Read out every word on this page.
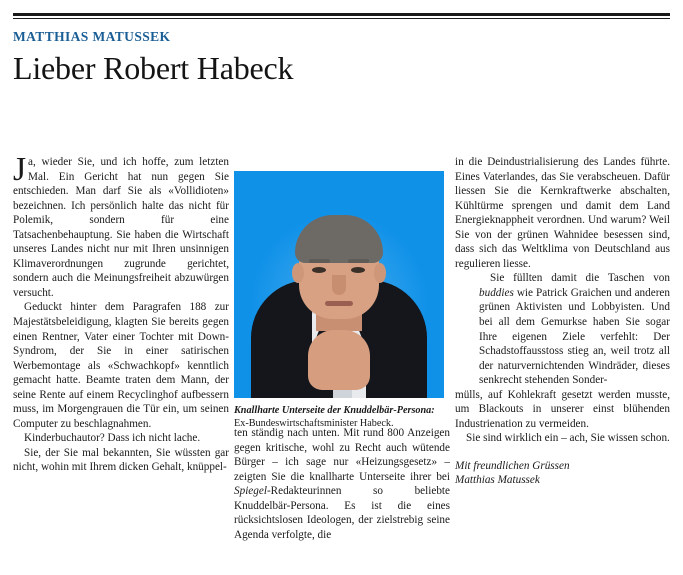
MATTHIAS MATUSSEK
Lieber Robert Habeck

Ja, wieder Sie, und ich hoffe, zum letzten Mal. Ein Gericht hat nun gegen Sie entschieden. Man darf Sie als «Vollidioten» bezeichnen. Ich persönlich halte das nicht für Polemik, sondern für eine Tatsachenbehauptung. Sie haben die Wirtschaft unseres Landes nicht nur mit Ihren unsinnigen Klimaverordnungen zugrunde gerichtet, sondern auch die Meinungsfreiheit abzuwürgen versucht.

Geduckt hinter dem Paragrafen 188 zur Majestätsbeleidigung, klagten Sie bereits gegen einen Rentner, Vater einer Tochter mit Down-Syndrom, der Sie in einer satirischen Werbemontage als «Schwachkopf» kenntlich gemacht hatte. Beamte traten dem Mann, der seine Rente auf einem Recyclinghof aufbessern muss, im Morgengrauen die Tür ein, um seinen Computer zu beschlagnahmen.

Kinderbuchautor? Dass ich nicht lache.

Sie, der Sie mal bekannten, Sie wüssten gar nicht, wohin mit Ihrem dicken Gehalt, knüppel-

Knallharte Unterseite der Knuddelbär-Persona: Ex-Bundeswirtschaftsminister Habeck.

ten ständig nach unten. Mit rund 800 Anzeigen gegen kritische, wohl zu Recht auch wütende Bürger – ich sage nur «Heizungsgesetz» – zeigten Sie die knallharte Unterseite ihrer bei Spiegel-Redakteurinnen so beliebte Knuddelbär-Persona. Es ist die eines rücksichtslosen Ideologen, der zielstrebig seine Agenda verfolgte, die

in die Deindustrialisierung des Landes führte. Eines Vaterlandes, das Sie verabscheuen. Dafür liessen Sie die Kernkraftwerke abschalten, Kühltürme sprengen und damit dem Land Energieknappheit verordnen. Und warum? Weil Sie von der grünen Wahnidee besessen sind, dass sich das Weltklima von Deutschland aus regulieren liesse.

Sie füllten damit die Taschen von buddies wie Patrick Graichen und anderen grünen Aktivisten und Lobbyisten. Und bei all dem Gemurkse haben Sie sogar Ihre eigenen Ziele verfehlt: Der Schadstoffausstoss stieg an, weil trotz all der naturvernichtenden Windräder, dieses senkrecht stehenden Sonder-

mülls, auf Kohlekraft gesetzt werden musste, um Blackouts in unserer einst blühenden Industrienation zu vermeiden.

Sie sind wirklich ein – ach, Sie wissen schon.

Mit freundlichen Grüssen
Matthias Matussek
